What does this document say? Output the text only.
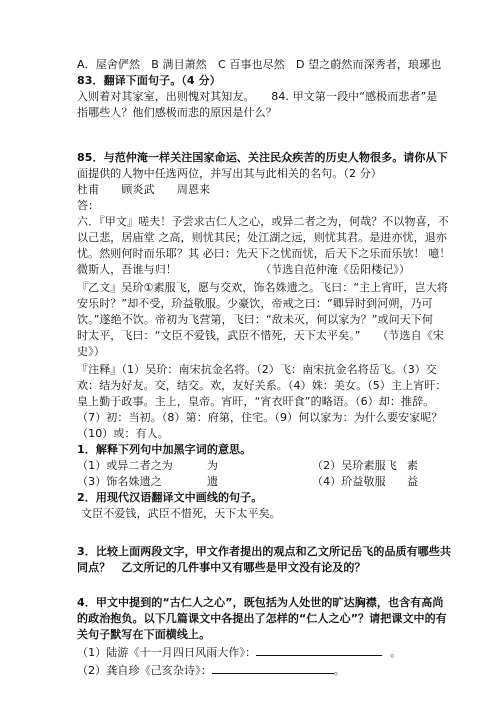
A．屋舍俨然　B 满目萧然　C 百事也尽然　D 望之蔚然而深秀者，琅琊也
83．翻译下面句子。（4 分）
入则着对其家室，出则愧对其知友。　　84. 甲文第一段中“感极而悲者”是
指哪些人？他们感极而悲的原因是什么？
85．与范仲淹一样关注国家命运、关注民众疾苦的历史人物很多。请你从下
面提供的人物中任选两位，并写出其与此相关的名句。（2 分）
杜甫　　顾炎武　　周恩来
答：
六．『甲文』嗟夫！予尝求古仁人之心，或异二者之为，何哉？不以物喜，不
以己悲，居庙堂 之高，则忧其民；处江湖之远，则忧其君。是进亦忧，退亦
忧。然则何时而乐耶？其 必曰：先天下之忧而忧，后天下之乐而乐欤！ 噫！
微斯人，吾谁与归！　　　　　　　　（节选自范仲淹《岳阳楼记》）
『乙文』吴玠①素服飞，愿与交欢，饰名姝遗之。飞曰：“主上宵旰，岂大将
安乐时？”却不受，玠益敬服。少豪饮，帝戒之曰：“卿异时到河朔，乃可
饮。”遂绝不饮。帝初为飞营第，飞曰：“敌未灭，何以家为？”或问天下何
时太平，飞曰：“文臣不爱钱，武臣不惜死，天下太平矣。”　　（节选自《宋
史》）
『注释』（1）吴玠：南宋抗金名将。（2）飞：南宋抗金名将岳飞。（3）交
欢：结为好友。交，结交。欢，友好关系。（4）姝：美女。（5）主上宵旰：
皇上勤于政事。主上，皇帝。宵旰，“宵衣旰食”的略语。（6）却：推辞。
（7）初：当初。（8）第：府第，住宅。（9）何以家为：为什么要安家呢？
（10）或：有人。
1．解释下列句中加黑字词的意思。
（1）或异二者之为	为	（2）吴玠素服飞 素
（3）饰名姝遗之	遗	（4）玠益敬服 益
2．用现代汉语翻译文中画线的句子。
文臣不爱钱，武臣不惜死，天下太平矣。
3．比较上面两段文字，甲文作者提出的观点和乙文所记岳飞的品质有哪些共
同点？　乙文所记的几件事中又有哪些是甲文没有论及的？
4．甲文中提到的“古仁人之心”，既包括为人处世的旷达胸襟，也含有高尚
的政治抱负。以下几篇课文中各提出了怎样的“仁人之心”？请把课文中的有
关句子默写在下面横线上。
（1）陆游《十一月四日风雨大作》：	。
（2）龚自珍《己亥杂诗》：	。
